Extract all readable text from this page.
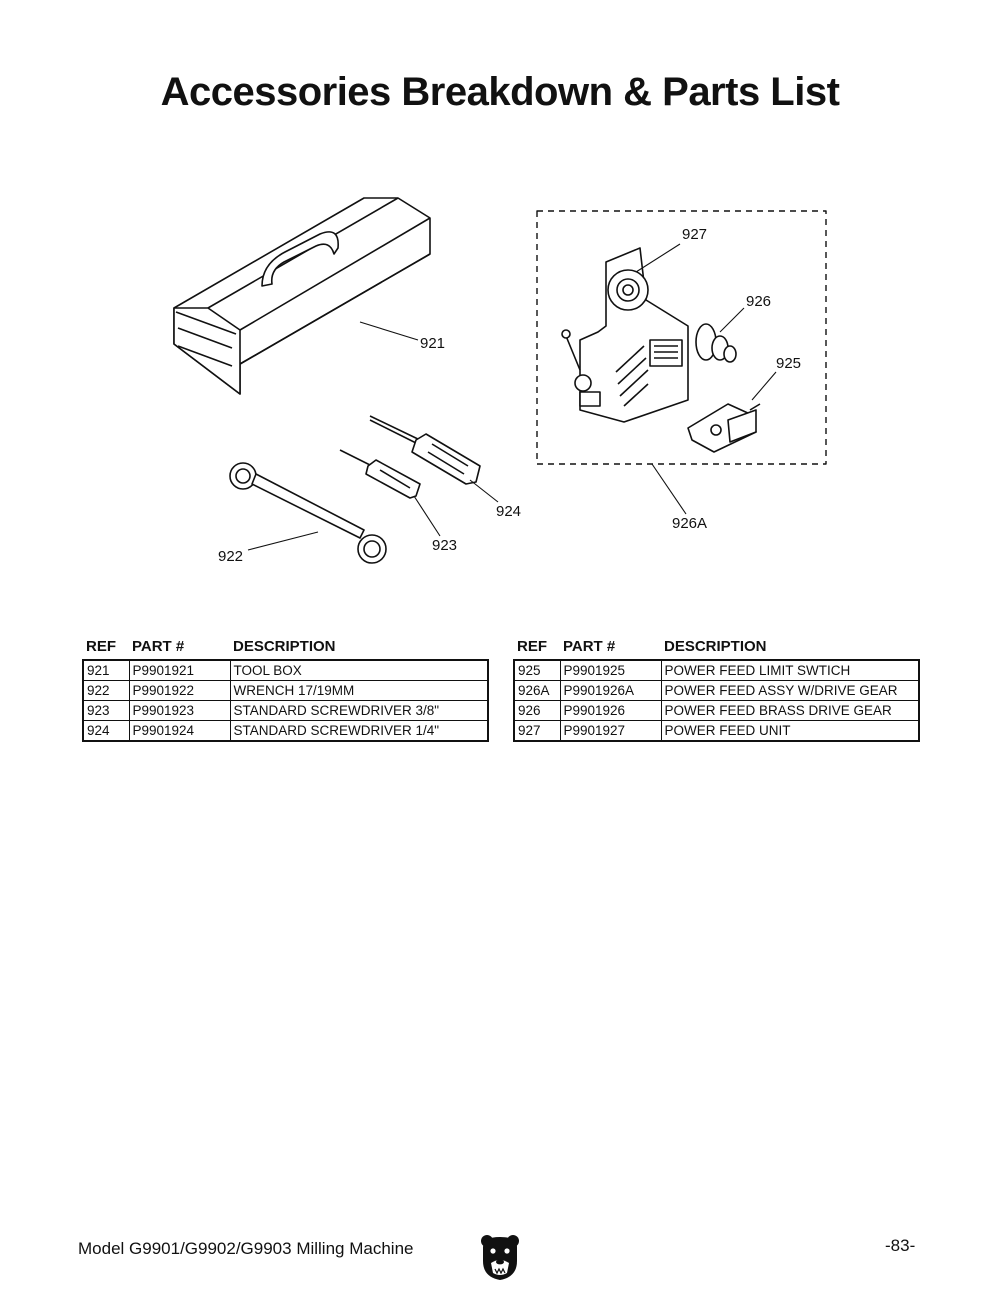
Accessories Breakdown & Parts List
921
922
923
924
925
926
926A
927
REF	PART #	DESCRIPTION
921	P9901921	TOOL BOX
922	P9901922	WRENCH 17/19MM
923	P9901923	STANDARD SCREWDRIVER 3/8"
924	P9901924	STANDARD SCREWDRIVER 1/4"
REF	PART #	DESCRIPTION
925	P9901925	POWER FEED LIMIT SWTICH
926A	P9901926A	POWER FEED ASSY W/DRIVE GEAR
926	P9901926	POWER FEED BRASS DRIVE GEAR
927	P9901927	POWER FEED UNIT
Model G9901/G9902/G9903 Milling Machine	-83-
